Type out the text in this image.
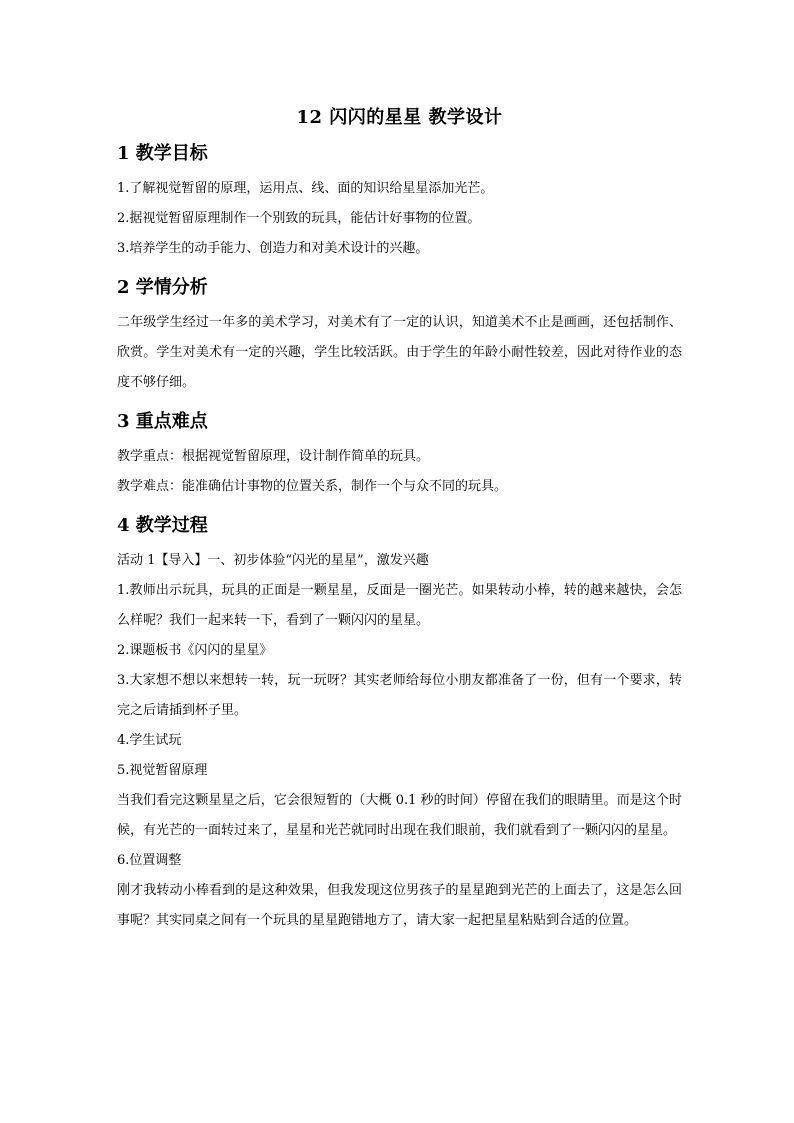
12 闪闪的星星 教学设计
1 教学目标

1.了解视觉暂留的原理，运用点、线、面的知识给星星添加光芒。

2.据视觉暂留原理制作一个别致的玩具，能估计好事物的位置。

3.培养学生的动手能力、创造力和对美术设计的兴趣。

2 学情分析

二年级学生经过一年多的美术学习，对美术有了一定的认识，知道美术不止是画画，还包括制作、欣赏。学生对美术有一定的兴趣，学生比较活跃。由于学生的年龄小耐性较差，因此对待作业的态度不够仔细。

3 重点难点

教学重点：根据视觉暂留原理，设计制作简单的玩具。

教学难点：能准确估计事物的位置关系，制作一个与众不同的玩具。

4 教学过程

活动 1【导入】一、初步体验“闪光的星星”，激发兴趣

1.教师出示玩具，玩具的正面是一颗星星，反面是一圈光芒。如果转动小棒，转的越来越快，会怎么样呢？我们一起来转一下，看到了一颗闪闪的星星。

2.课题板书《闪闪的星星》

3.大家想不想以来想转一转，玩一玩呀？其实老师给每位小朋友都准备了一份，但有一个要求，转完之后请插到杯子里。

4.学生试玩

5.视觉暂留原理

当我们看完这颗星星之后，它会很短暂的（大概 0.1 秒的时间）停留在我们的眼睛里。而是这个时候，有光芒的一面转过来了，星星和光芒就同时出现在我们眼前，我们就看到了一颗闪闪的星星。

6.位置调整

刚才我转动小棒看到的是这种效果，但我发现这位男孩子的星星跑到光芒的上面去了，这是怎么回事呢？其实同桌之间有一个玩具的星星跑错地方了，请大家一起把星星粘贴到合适的位置。
